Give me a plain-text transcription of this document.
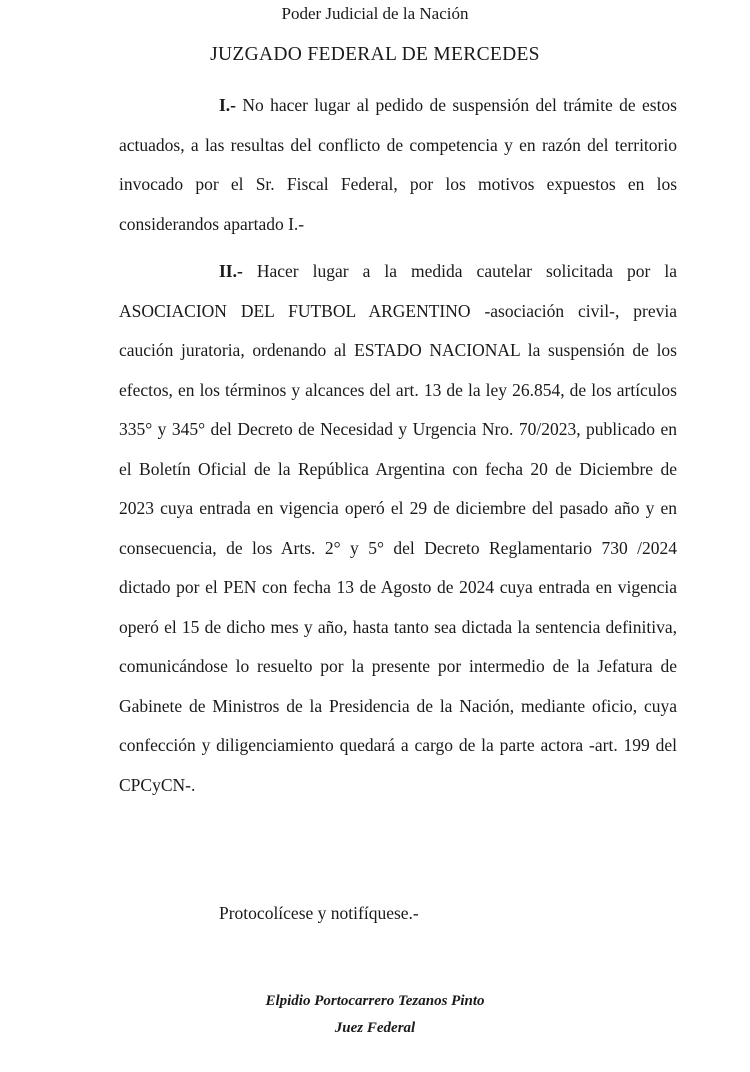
Poder Judicial de la Nación
JUZGADO FEDERAL DE MERCEDES

I.- No hacer lugar al pedido de suspensión del trámite de estos actuados, a las resultas del conflicto de competencia y en razón del territorio invocado por el Sr. Fiscal Federal, por los motivos expuestos en los considerandos apartado I.-

II.- Hacer lugar a la medida cautelar solicitada por la ASOCIACION DEL FUTBOL ARGENTINO -asociación civil-, previa caución juratoria, ordenando al ESTADO NACIONAL la suspensión de los efectos, en los términos y alcances del art. 13 de la ley 26.854, de los artículos 335° y 345° del Decreto de Necesidad y Urgencia Nro. 70/2023, publicado en el Boletín Oficial de la República Argentina con fecha 20 de Diciembre de 2023 cuya entrada en vigencia operó el 29 de diciembre del pasado año y en consecuencia, de los Arts. 2° y 5° del Decreto Reglamentario 730 /2024 dictado por el PEN con fecha 13 de Agosto de 2024 cuya entrada en vigencia operó el 15 de dicho mes y año, hasta tanto sea dictada la sentencia definitiva, comunicándose lo resuelto por la presente por intermedio de la Jefatura de Gabinete de Ministros de la Presidencia de la Nación, mediante oficio, cuya confección y diligenciamiento quedará a cargo de la parte actora -art. 199 del CPCyCN-.

Protocolícese y notifíquese.-

Elpidio Portocarrero Tezanos Pinto
Juez Federal
